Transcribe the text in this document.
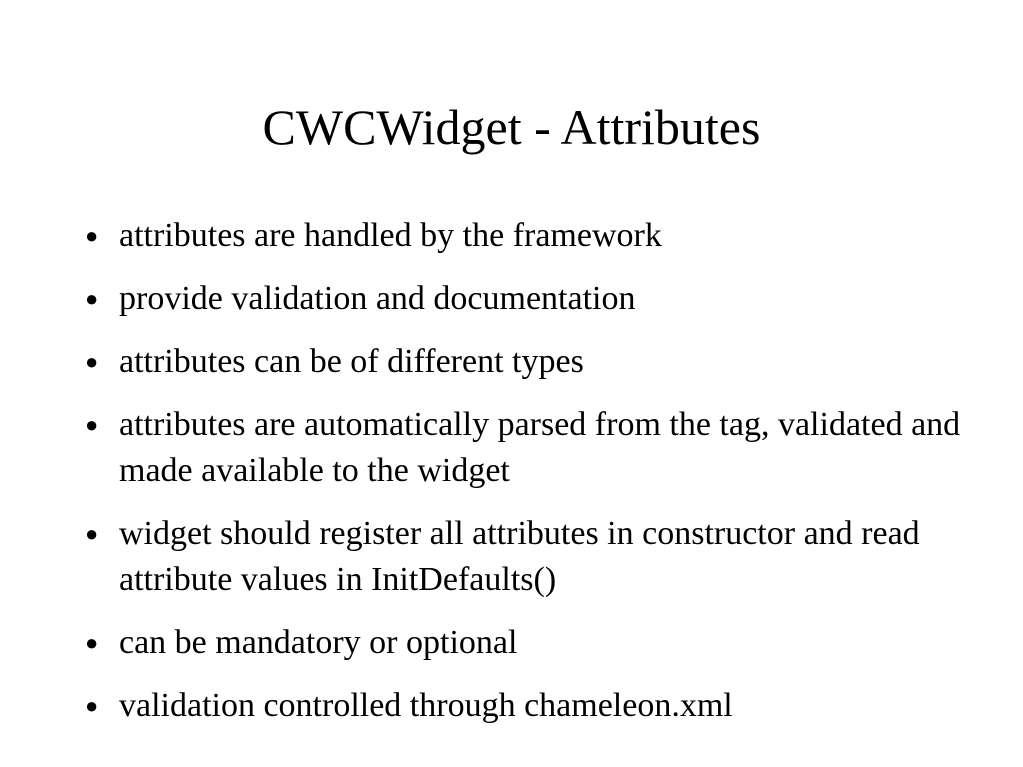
CWCWidget - Attributes
● attributes are handled by the framework
● provide validation and documentation
● attributes can be of different types
● attributes are automatically parsed from the tag, validated and made available to the widget
● widget should register all attributes in constructor and read attribute values in InitDefaults()
● can be mandatory or optional
● validation controlled through chameleon.xml
